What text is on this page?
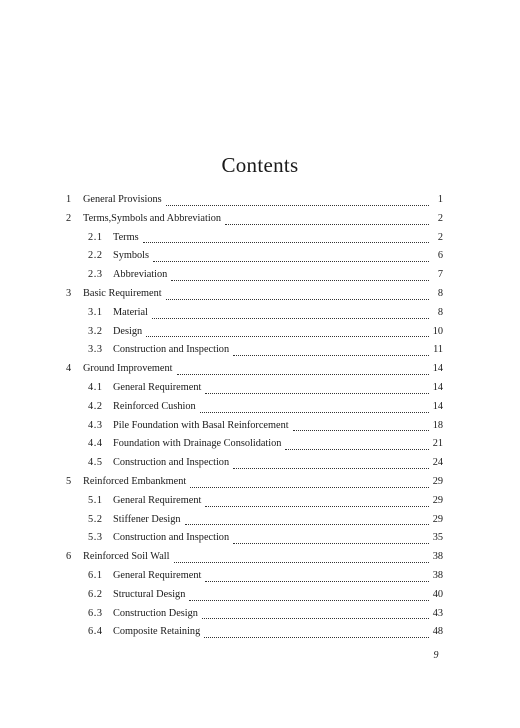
Contents
1	General Provisions	1
2	Terms,Symbols and Abbreviation	2
2.1	Terms	2
2.2	Symbols	6
2.3	Abbreviation	7
3	Basic Requirement	8
3.1	Material	8
3.2	Design	10
3.3	Construction and Inspection	11
4	Ground Improvement	14
4.1	General Requirement	14
4.2	Reinforced Cushion	14
4.3	Pile Foundation with Basal Reinforcement	18
4.4	Foundation with Drainage Consolidation	21
4.5	Construction and Inspection	24
5	Reinforced Embankment	29
5.1	General Requirement	29
5.2	Stiffener Design	29
5.3	Construction and Inspection	35
6	Reinforced Soil Wall	38
6.1	General Requirement	38
6.2	Structural Design	40
6.3	Construction Design	43
6.4	Composite Retaining	48
9
